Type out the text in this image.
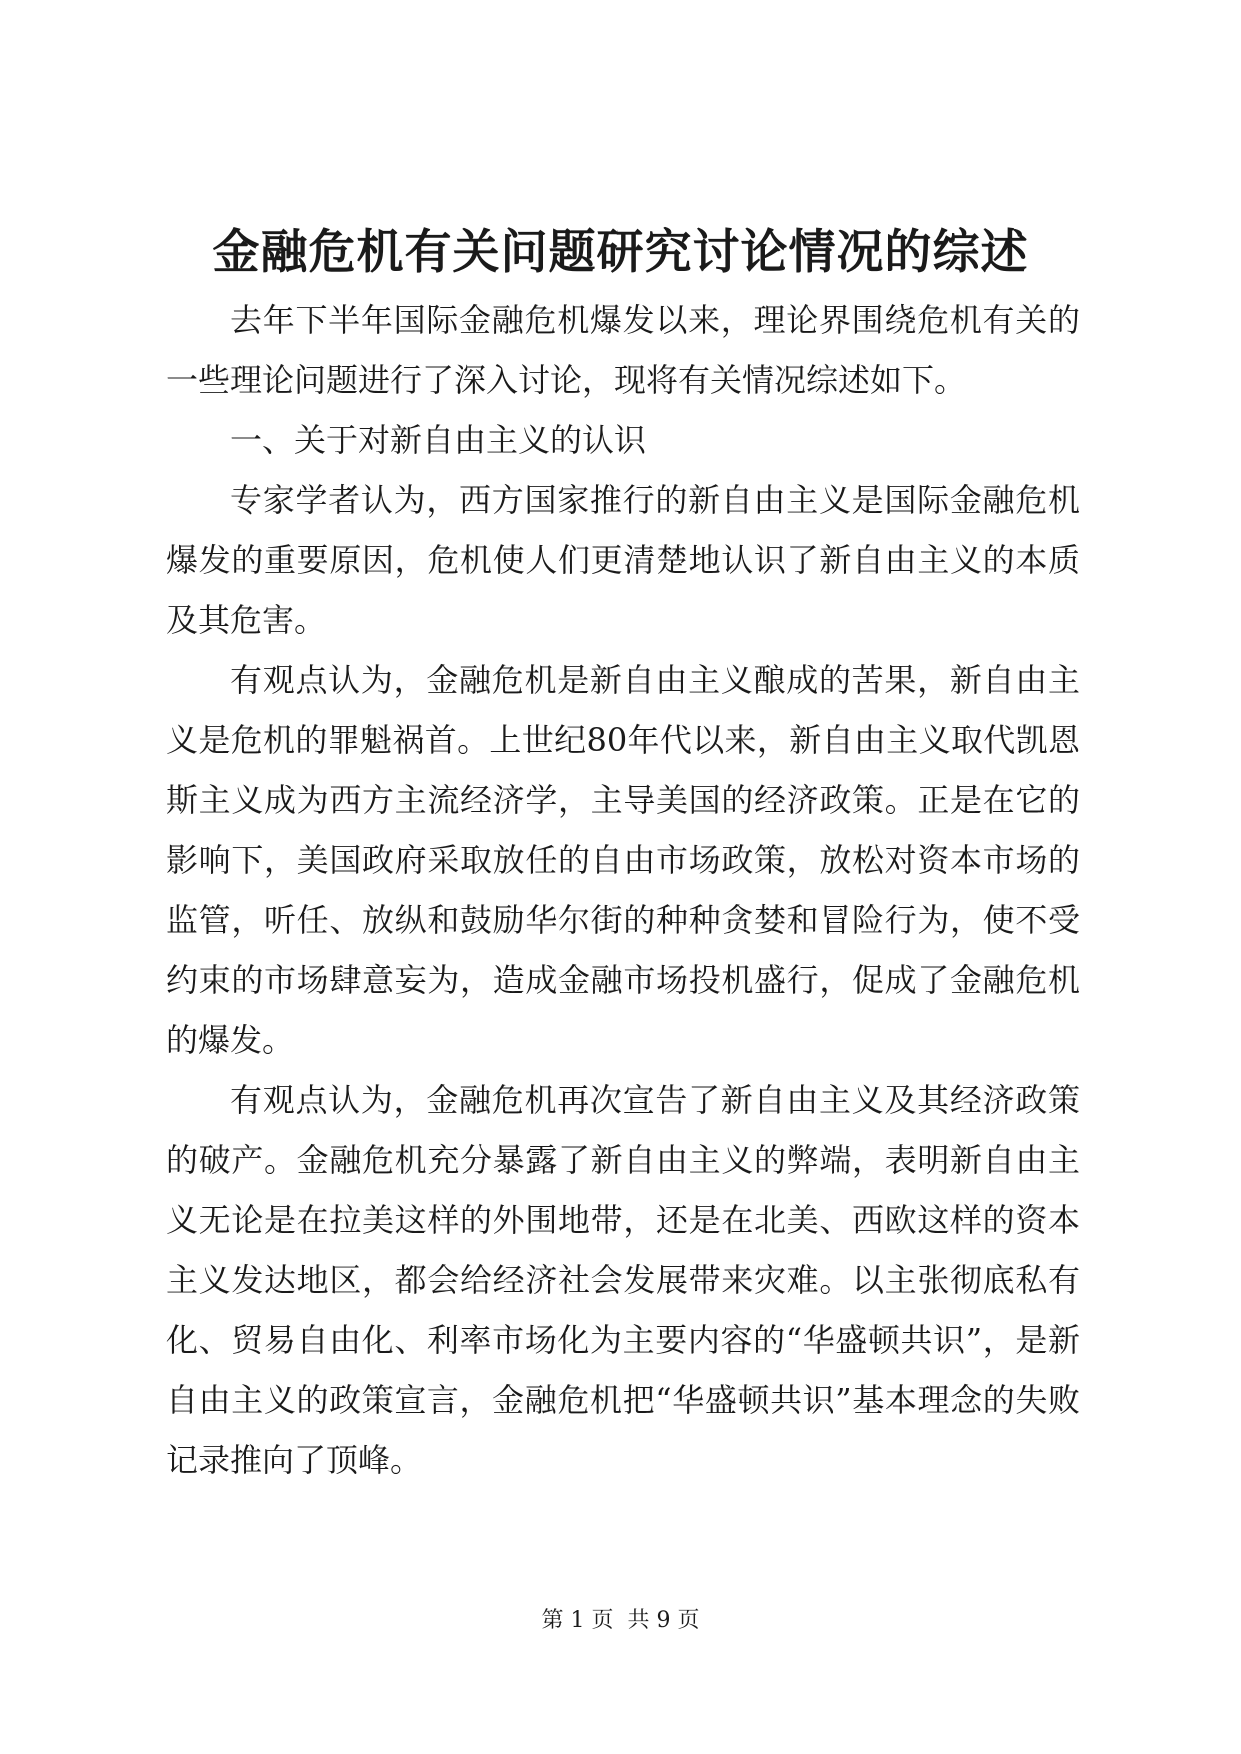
金融危机有关问题研究讨论情况的综述

去年下半年国际金融危机爆发以来，理论界围绕危机有关的一些理论问题进行了深入讨论，现将有关情况综述如下。

一、关于对新自由主义的认识

专家学者认为，西方国家推行的新自由主义是国际金融危机爆发的重要原因，危机使人们更清楚地认识了新自由主义的本质及其危害。

有观点认为，金融危机是新自由主义酿成的苦果，新自由主义是危机的罪魁祸首。上世纪80年代以来，新自由主义取代凯恩斯主义成为西方主流经济学，主导美国的经济政策。正是在它的影响下，美国政府采取放任的自由市场政策，放松对资本市场的监管，听任、放纵和鼓励华尔街的种种贪婪和冒险行为，使不受约束的市场肆意妄为，造成金融市场投机盛行，促成了金融危机的爆发。

有观点认为，金融危机再次宣告了新自由主义及其经济政策的破产。金融危机充分暴露了新自由主义的弊端，表明新自由主义无论是在拉美这样的外围地带，还是在北美、西欧这样的资本主义发达地区，都会给经济社会发展带来灾难。以主张彻底私有化、贸易自由化、利率市场化为主要内容的“华盛顿共识”，是新自由主义的政策宣言，金融危机把“华盛顿共识”基本理念的失败记录推向了顶峰。

第 1 页  共 9 页
